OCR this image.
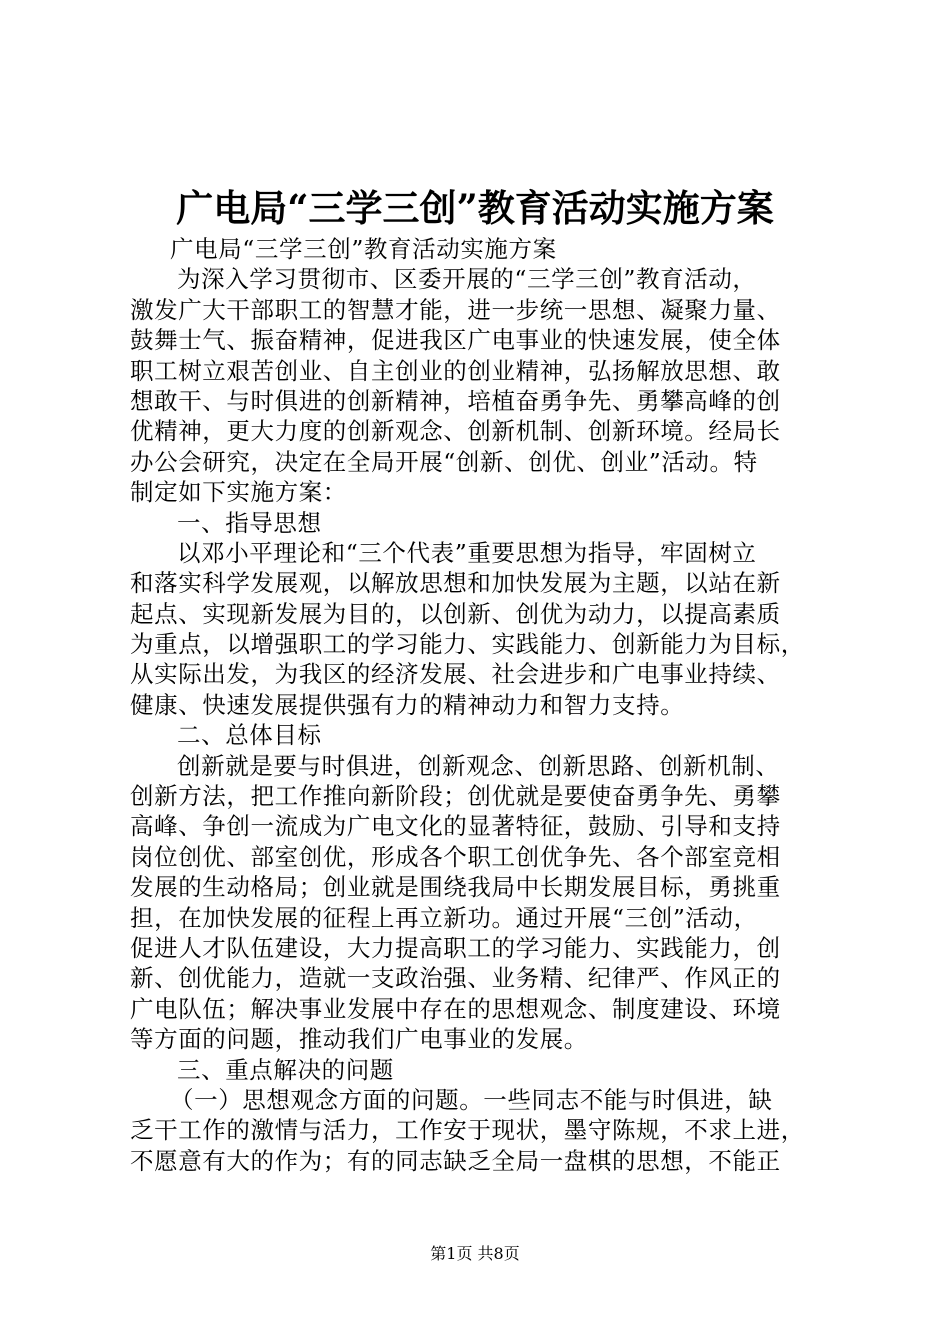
广电局“三学三创”教育活动实施方案
广电局“三学三创”教育活动实施方案
为深入学习贯彻市、区委开展的“三学三创”教育活动，
激发广大干部职工的智慧才能，进一步统一思想、凝聚力量、
鼓舞士气、振奋精神，促进我区广电事业的快速发展，使全体
职工树立艰苦创业、自主创业的创业精神，弘扬解放思想、敢
想敢干、与时俱进的创新精神，培植奋勇争先、勇攀高峰的创
优精神，更大力度的创新观念、创新机制、创新环境。经局长
办公会研究，决定在全局开展“创新、创优、创业”活动。特
制定如下实施方案：
一、指导思想
以邓小平理论和“三个代表”重要思想为指导，牢固树立
和落实科学发展观，以解放思想和加快发展为主题，以站在新
起点、实现新发展为目的，以创新、创优为动力，以提高素质
为重点，以增强职工的学习能力、实践能力、创新能力为目标，
从实际出发，为我区的经济发展、社会进步和广电事业持续、
健康、快速发展提供强有力的精神动力和智力支持。
二、总体目标
创新就是要与时俱进，创新观念、创新思路、创新机制、
创新方法，把工作推向新阶段；创优就是要使奋勇争先、勇攀
高峰、争创一流成为广电文化的显著特征，鼓励、引导和支持
岗位创优、部室创优，形成各个职工创优争先、各个部室竞相
发展的生动格局；创业就是围绕我局中长期发展目标，勇挑重
担，在加快发展的征程上再立新功。通过开展“三创”活动，
促进人才队伍建设，大力提高职工的学习能力、实践能力，创
新、创优能力，造就一支政治强、业务精、纪律严、作风正的
广电队伍；解决事业发展中存在的思想观念、制度建设、环境
等方面的问题，推动我们广电事业的发展。
三、重点解决的问题
（一）思想观念方面的问题。一些同志不能与时俱进，缺
乏干工作的激情与活力，工作安于现状，墨守陈规，不求上进，
不愿意有大的作为；有的同志缺乏全局一盘棋的思想，不能正
第1页 共8页
